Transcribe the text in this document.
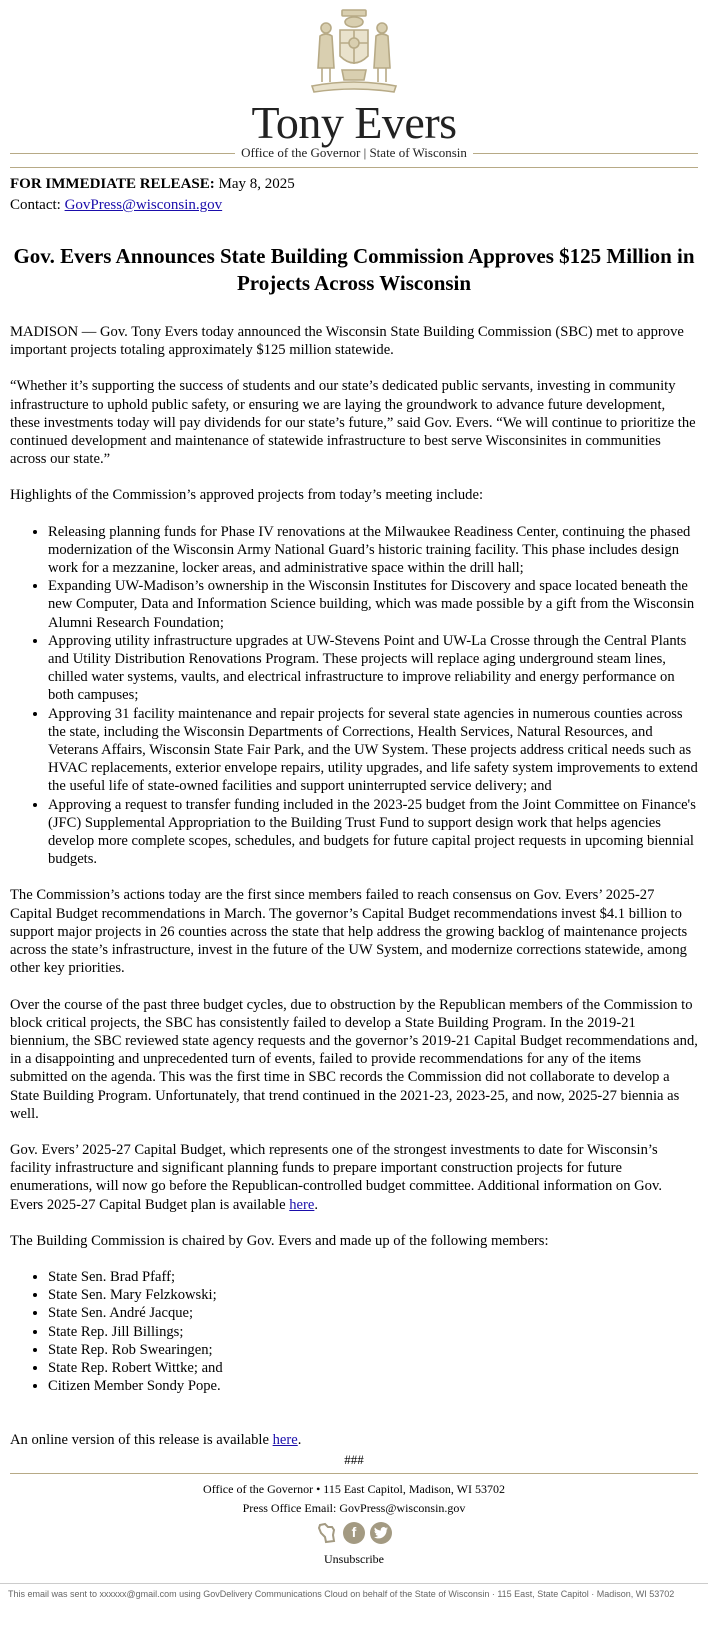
Tony Evers
Office of the Governor | State of Wisconsin
FOR IMMEDIATE RELEASE: May 8, 2025
Contact: GovPress@wisconsin.gov
Gov. Evers Announces State Building Commission Approves $125 Million in Projects Across Wisconsin

MADISON — Gov. Tony Evers today announced the Wisconsin State Building Commission (SBC) met to approve important projects totaling approximately $125 million statewide.

“Whether it’s supporting the success of students and our state’s dedicated public servants, investing in community infrastructure to uphold public safety, or ensuring we are laying the groundwork to advance future development, these investments today will pay dividends for our state’s future,” said Gov. Evers. “We will continue to prioritize the continued development and maintenance of statewide infrastructure to best serve Wisconsinites in communities across our state.”

Highlights of the Commission’s approved projects from today’s meeting include:

• Releasing planning funds for Phase IV renovations at the Milwaukee Readiness Center, continuing the phased modernization of the Wisconsin Army National Guard’s historic training facility. This phase includes design work for a mezzanine, locker areas, and administrative space within the drill hall;
• Expanding UW-Madison’s ownership in the Wisconsin Institutes for Discovery and space located beneath the new Computer, Data and Information Science building, which was made possible by a gift from the Wisconsin Alumni Research Foundation;
• Approving utility infrastructure upgrades at UW-Stevens Point and UW-La Crosse through the Central Plants and Utility Distribution Renovations Program. These projects will replace aging underground steam lines, chilled water systems, vaults, and electrical infrastructure to improve reliability and energy performance on both campuses;
• Approving 31 facility maintenance and repair projects for several state agencies in numerous counties across the state, including the Wisconsin Departments of Corrections, Health Services, Natural Resources, and Veterans Affairs, Wisconsin State Fair Park, and the UW System. These projects address critical needs such as HVAC replacements, exterior envelope repairs, utility upgrades, and life safety system improvements to extend the useful life of state-owned facilities and support uninterrupted service delivery; and
• Approving a request to transfer funding included in the 2023-25 budget from the Joint Committee on Finance's (JFC) Supplemental Appropriation to the Building Trust Fund to support design work that helps agencies develop more complete scopes, schedules, and budgets for future capital project requests in upcoming biennial budgets.

The Commission’s actions today are the first since members failed to reach consensus on Gov. Evers’ 2025-27 Capital Budget recommendations in March. The governor’s Capital Budget recommendations invest $4.1 billion to support major projects in 26 counties across the state that help address the growing backlog of maintenance projects across the state’s infrastructure, invest in the future of the UW System, and modernize corrections statewide, among other key priorities.

Over the course of the past three budget cycles, due to obstruction by the Republican members of the Commission to block critical projects, the SBC has consistently failed to develop a State Building Program. In the 2019-21 biennium, the SBC reviewed state agency requests and the governor’s 2019-21 Capital Budget recommendations and, in a disappointing and unprecedented turn of events, failed to provide recommendations for any of the items submitted on the agenda. This was the first time in SBC records the Commission did not collaborate to develop a State Building Program. Unfortunately, that trend continued in the 2021-23, 2023-25, and now, 2025-27 biennia as well.

Gov. Evers’ 2025-27 Capital Budget, which represents one of the strongest investments to date for Wisconsin’s facility infrastructure and significant planning funds to prepare important construction projects for future enumerations, will now go before the Republican-controlled budget committee. Additional information on Gov. Evers 2025-27 Capital Budget plan is available here.

The Building Commission is chaired by Gov. Evers and made up of the following members:

• State Sen. Brad Pfaff;
• State Sen. Mary Felzkowski;
• State Sen. André Jacque;
• State Rep. Jill Billings;
• State Rep. Rob Swearingen;
• State Rep. Robert Wittke; and
• Citizen Member Sondy Pope.

An online version of this release is available here.

###
Office of the Governor • 115 East Capitol, Madison, WI 53702
Press Office Email: GovPress@wisconsin.gov
f
Unsubscribe
This email was sent to xxxxxx@gmail.com using GovDelivery Communications Cloud on behalf of the State of Wisconsin · 115 East, State Capitol · Madison, WI 53702
